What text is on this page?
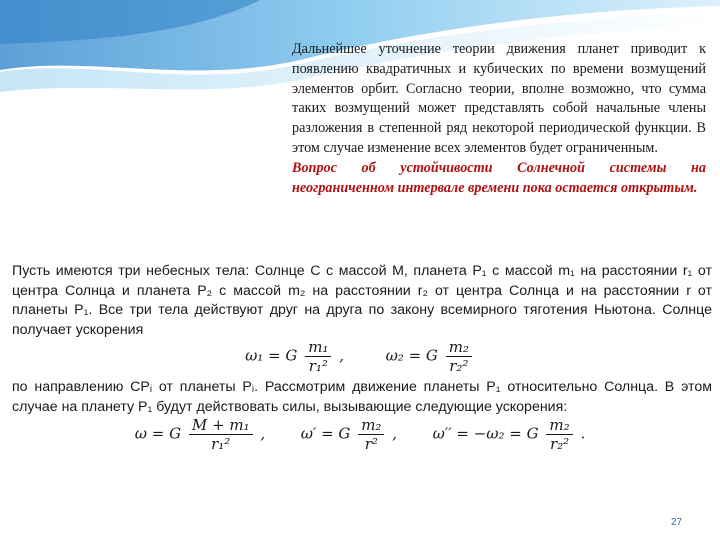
Дальнейшее уточнение теории движения планет приводит к появлению квадратичных и кубических по времени возмущений элементов орбит. Согласно теории, вполне возможно, что сумма таких возмущений может представлять собой начальные члены разложения в степенной ряд некоторой периодической функции. В этом случае изменение всех элементов будет ограниченным.
Вопрос об устойчивости Солнечной системы на неограниченном интервале времени пока остается открытым.
Пусть имеются три небесных тела: Солнце C с массой M, планета P₁ с массой m₁ на расстоянии r₁ от центра Солнца и планета P₂ с массой m₂ на расстоянии r₂ от центра Солнца и на расстоянии r от планеты P₁. Все три тела действуют друг на друга по закону всемирного тяготения Ньютона. Солнце получает ускорения
ω₁ = G $\frac{\text{m₁}}{\text{r₁²}}$ ,	ω₂ = G $\frac{\text{m₂}}{\text{r₂²}}$
по направлению CPᵢ от планеты Pᵢ. Рассмотрим движение планеты P₁ относительно Солнца. В этом случае на планету P₁ будут действовать силы, вызывающие следующие ускорения:
ω = G $\frac{\text{M + m₁}}{\text{r₁²}}$ , ω′ = G $\frac{\text{m₂}}{\text{r²}}$ , ω′′ = −ω₂ = G $\frac{\text{m₂}}{\text{r₂²}}$ .
27
